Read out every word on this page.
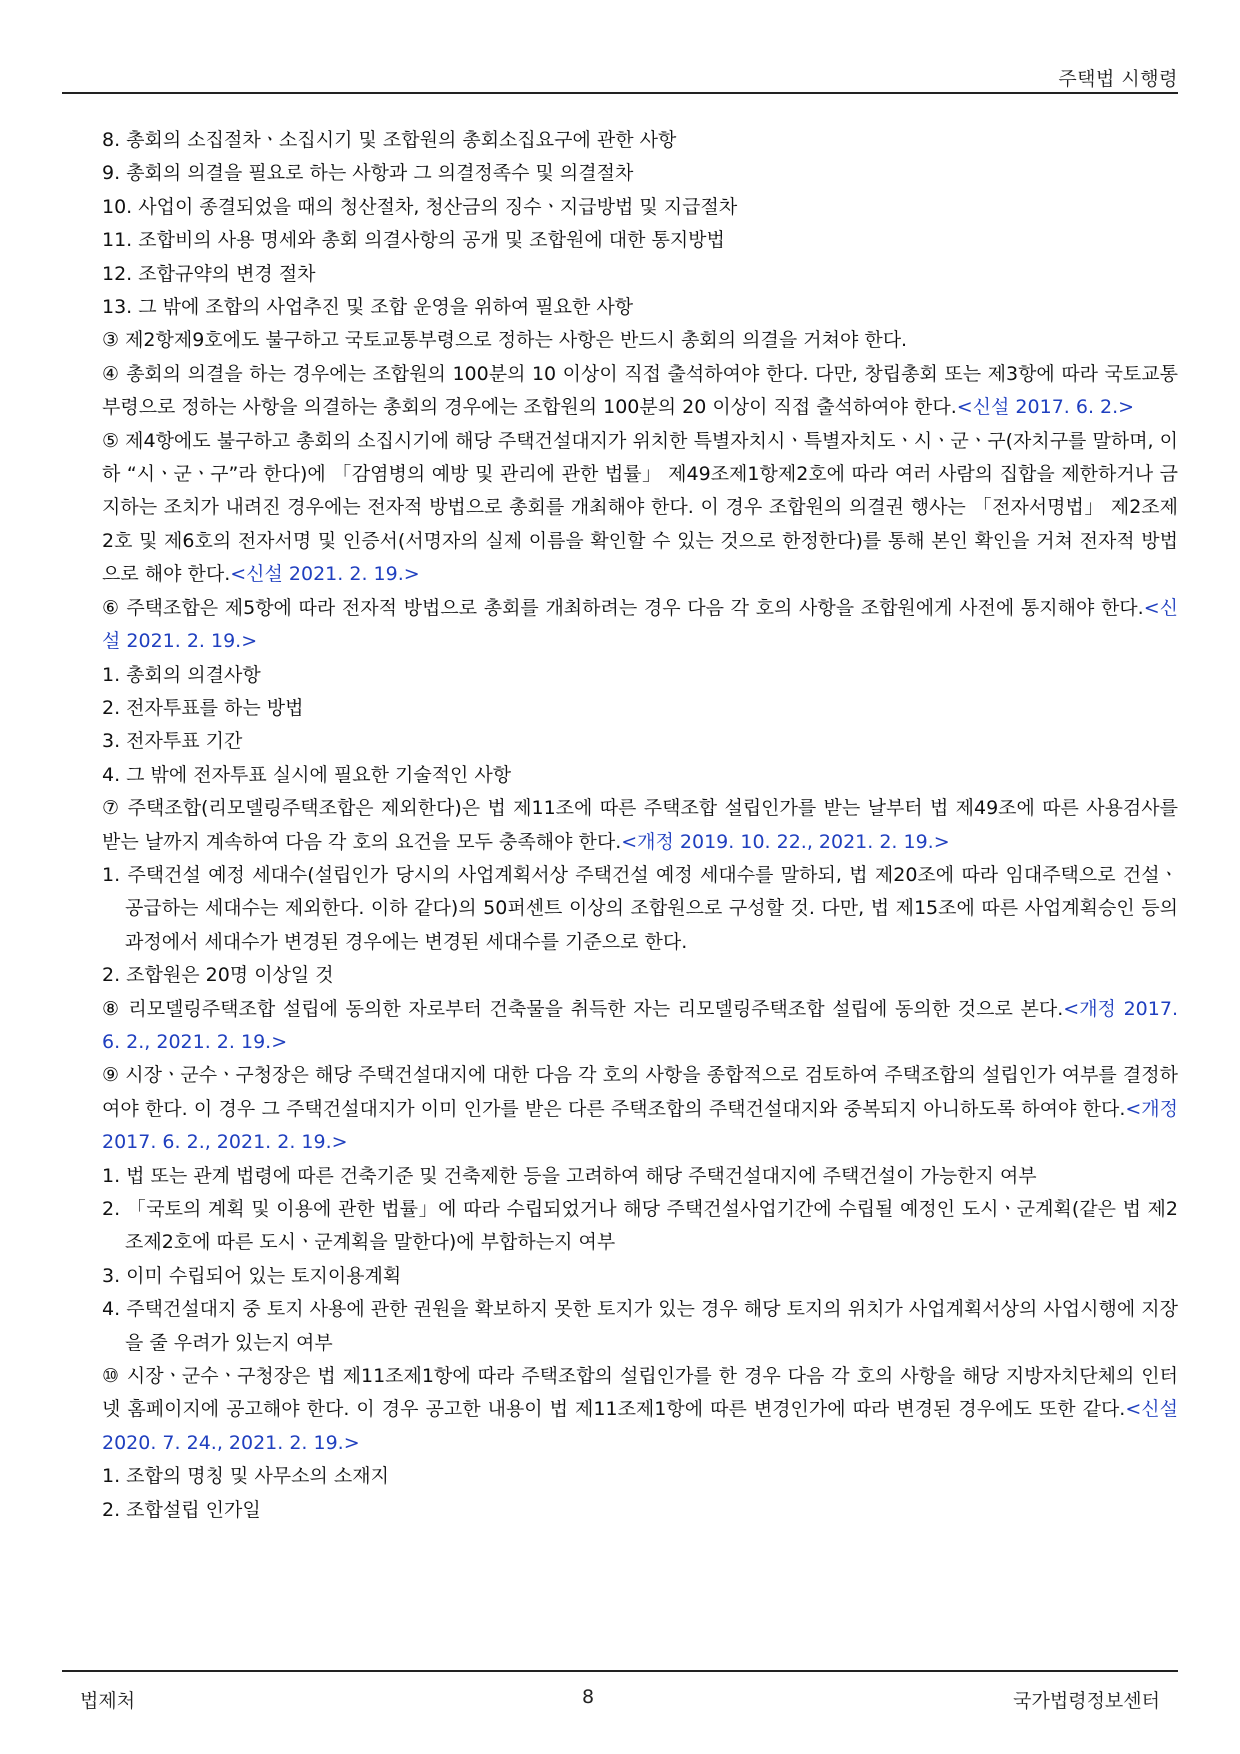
주택법 시행령
8. 총회의 소집절차ㆍ소집시기 및 조합원의 총회소집요구에 관한 사항
9. 총회의 의결을 필요로 하는 사항과 그 의결정족수 및 의결절차
10. 사업이 종결되었을 때의 청산절차, 청산금의 징수ㆍ지급방법 및 지급절차
11. 조합비의 사용 명세와 총회 의결사항의 공개 및 조합원에 대한 통지방법
12. 조합규약의 변경 절차
13. 그 밖에 조합의 사업추진 및 조합 운영을 위하여 필요한 사항
③ 제2항제9호에도 불구하고 국토교통부령으로 정하는 사항은 반드시 총회의 의결을 거쳐야 한다.
④ 총회의 의결을 하는 경우에는 조합원의 100분의 10 이상이 직접 출석하여야 한다. 다만, 창립총회 또는 제3항에 따라 국토교통부령으로 정하는 사항을 의결하는 총회의 경우에는 조합원의 100분의 20 이상이 직접 출석하여야 한다.<신설 2017. 6. 2.>
⑤ 제4항에도 불구하고 총회의 소집시기에 해당 주택건설대지가 위치한 특별자치시ㆍ특별자치도ㆍ시ㆍ군ㆍ구(자치구를 말하며, 이하 “시ㆍ군ㆍ구”라 한다)에 「감염병의 예방 및 관리에 관한 법률」 제49조제1항제2호에 따라 여러 사람의 집합을 제한하거나 금지하는 조치가 내려진 경우에는 전자적 방법으로 총회를 개최해야 한다. 이 경우 조합원의 의결권 행사는 「전자서명법」 제2조제2호 및 제6호의 전자서명 및 인증서(서명자의 실제 이름을 확인할 수 있는 것으로 한정한다)를 통해 본인 확인을 거쳐 전자적 방법으로 해야 한다.<신설 2021. 2. 19.>
⑥ 주택조합은 제5항에 따라 전자적 방법으로 총회를 개최하려는 경우 다음 각 호의 사항을 조합원에게 사전에 통지해야 한다.<신설 2021. 2. 19.>
1. 총회의 의결사항
2. 전자투표를 하는 방법
3. 전자투표 기간
4. 그 밖에 전자투표 실시에 필요한 기술적인 사항
⑦ 주택조합(리모델링주택조합은 제외한다)은 법 제11조에 따른 주택조합 설립인가를 받는 날부터 법 제49조에 따른 사용검사를 받는 날까지 계속하여 다음 각 호의 요건을 모두 충족해야 한다.<개정 2019. 10. 22., 2021. 2. 19.>
1. 주택건설 예정 세대수(설립인가 당시의 사업계획서상 주택건설 예정 세대수를 말하되, 법 제20조에 따라 임대주택으로 건설ㆍ공급하는 세대수는 제외한다. 이하 같다)의 50퍼센트 이상의 조합원으로 구성할 것. 다만, 법 제15조에 따른 사업계획승인 등의 과정에서 세대수가 변경된 경우에는 변경된 세대수를 기준으로 한다.
2. 조합원은 20명 이상일 것
⑧ 리모델링주택조합 설립에 동의한 자로부터 건축물을 취득한 자는 리모델링주택조합 설립에 동의한 것으로 본다.<개정 2017. 6. 2., 2021. 2. 19.>
⑨ 시장ㆍ군수ㆍ구청장은 해당 주택건설대지에 대한 다음 각 호의 사항을 종합적으로 검토하여 주택조합의 설립인가 여부를 결정하여야 한다. 이 경우 그 주택건설대지가 이미 인가를 받은 다른 주택조합의 주택건설대지와 중복되지 아니하도록 하여야 한다.<개정 2017. 6. 2., 2021. 2. 19.>
1. 법 또는 관계 법령에 따른 건축기준 및 건축제한 등을 고려하여 해당 주택건설대지에 주택건설이 가능한지 여부
2. 「국토의 계획 및 이용에 관한 법률」에 따라 수립되었거나 해당 주택건설사업기간에 수립될 예정인 도시ㆍ군계획(같은 법 제2조제2호에 따른 도시ㆍ군계획을 말한다)에 부합하는지 여부
3. 이미 수립되어 있는 토지이용계획
4. 주택건설대지 중 토지 사용에 관한 권원을 확보하지 못한 토지가 있는 경우 해당 토지의 위치가 사업계획서상의 사업시행에 지장을 줄 우려가 있는지 여부
⑩ 시장ㆍ군수ㆍ구청장은 법 제11조제1항에 따라 주택조합의 설립인가를 한 경우 다음 각 호의 사항을 해당 지방자치단체의 인터넷 홈페이지에 공고해야 한다. 이 경우 공고한 내용이 법 제11조제1항에 따른 변경인가에 따라 변경된 경우에도 또한 같다.<신설 2020. 7. 24., 2021. 2. 19.>
1. 조합의 명칭 및 사무소의 소재지
2. 조합설립 인가일
법제처	8	국가법령정보센터
